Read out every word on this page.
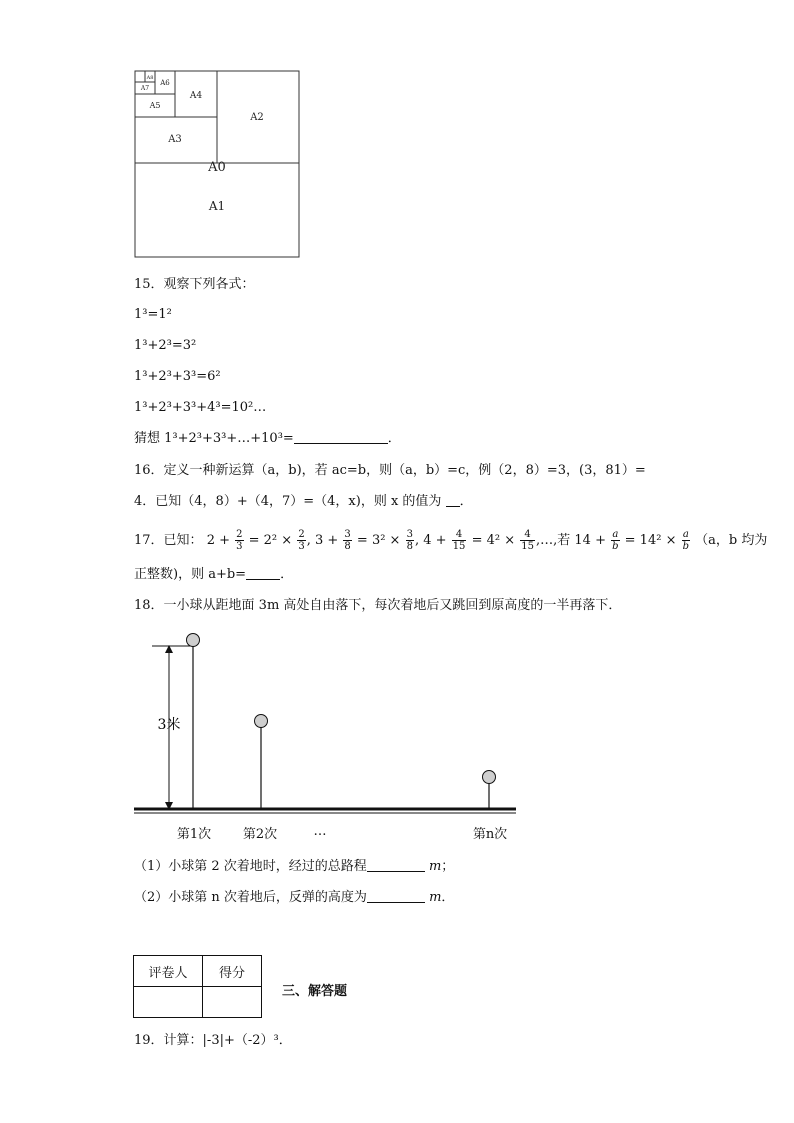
A8
A6
A7
A5
A4
A2
A3
A0
A1
15．观察下列各式：
1³=1²
1³+2³=3²
1³+2³+3³=6²
1³+2³+3³+4³=10²…
猜想 1³+2³+3³+…+10³=	．
16．定义一种新运算（a，b)，若 ac=b，则（a，b）=c，例（2，8）=3，(3，81）=
4．已知（4，8）+（4，7）=（4，x)，则 x 的值为 ．
17．已知： $2 + \frac{2}{3} = 2^2 \times \frac{2}{3}$ , $3 + \frac{3}{8} = 3^2 \times \frac{3}{8}$ , $4 + \frac{4}{15} = 4^2 \times \frac{4}{15}$ ,…,若 $14 + \frac{a}{b} = 14^2 \times \frac{a}{b} (a$，b 均为
正整数)，则 a+b=	．
18．一小球从距地面 3m 高处自由落下，每次着地后又跳回到原高度的一半再落下．
3米
第1次 第2次	…	第n次
（1）小球第 2 次着地时，经过的总路程	m；
（2）小球第 n 次着地后，反弹的高度为	m．
评卷人	得分

三、解答题
19．计算：|-3|+（-2）³．
